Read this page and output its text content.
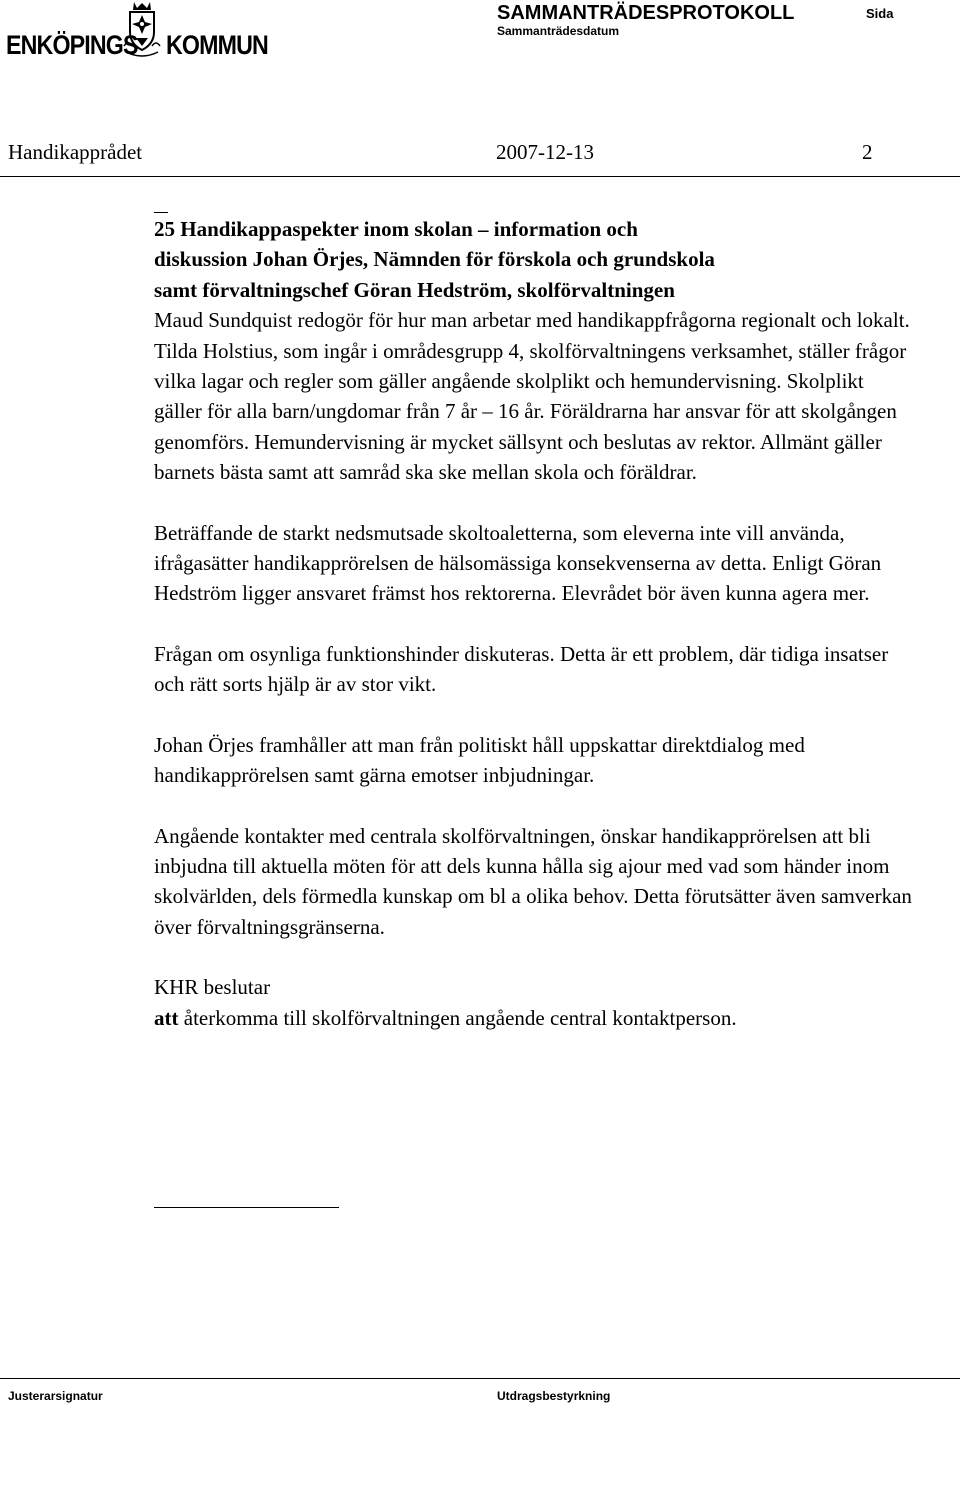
ENKÖPINGS KOMMUN
SAMMANTRÄDESPROTOKOLL	Sida
Sammanträdesdatum
Handikapprådet	2007-12-13	2
25 Handikappaspekter inom skolan – information och
diskussion Johan Örjes, Nämnden för förskola och grundskola
samt förvaltningschef Göran Hedström, skolförvaltningen

Maud Sundquist redogör för hur man arbetar med handikappfrågorna regionalt och lokalt. Tilda Holstius, som ingår i områdesgrupp 4, skolförvaltningens verksamhet, ställer frågor vilka lagar och regler som gäller angående skolplikt och hemundervisning. Skolplikt gäller för alla barn/ungdomar från 7 år – 16 år. Föräldrarna har ansvar för att skolgången genomförs. Hemundervisning är mycket sällsynt och beslutas av rektor. Allmänt gäller barnets bästa samt att samråd ska ske mellan skola och föräldrar.

Beträffande de starkt nedsmutsade skoltoaletterna, som eleverna inte vill använda, ifrågasätter handikapprörelsen de hälsomässiga konsekvenserna av detta. Enligt Göran Hedström ligger ansvaret främst hos rektorerna. Elevrådet bör även kunna agera mer.

Frågan om osynliga funktionshinder diskuteras. Detta är ett problem, där tidiga insatser och rätt sorts hjälp är av stor vikt.

Johan Örjes framhåller att man från politiskt håll uppskattar direktdialog med handikapprörelsen samt gärna emotser inbjudningar.

Angående kontakter med centrala skolförvaltningen, önskar handikapprörelsen att bli inbjudna till aktuella möten för att dels kunna hålla sig ajour med vad som händer inom skolvärlden, dels förmedla kunskap om bl a olika behov. Detta förutsätter även samverkan över förvaltningsgränserna.

KHR beslutar
att återkomma till skolförvaltningen angående central kontaktperson.
Justerarsignatur	Utdragsbestyrkning
